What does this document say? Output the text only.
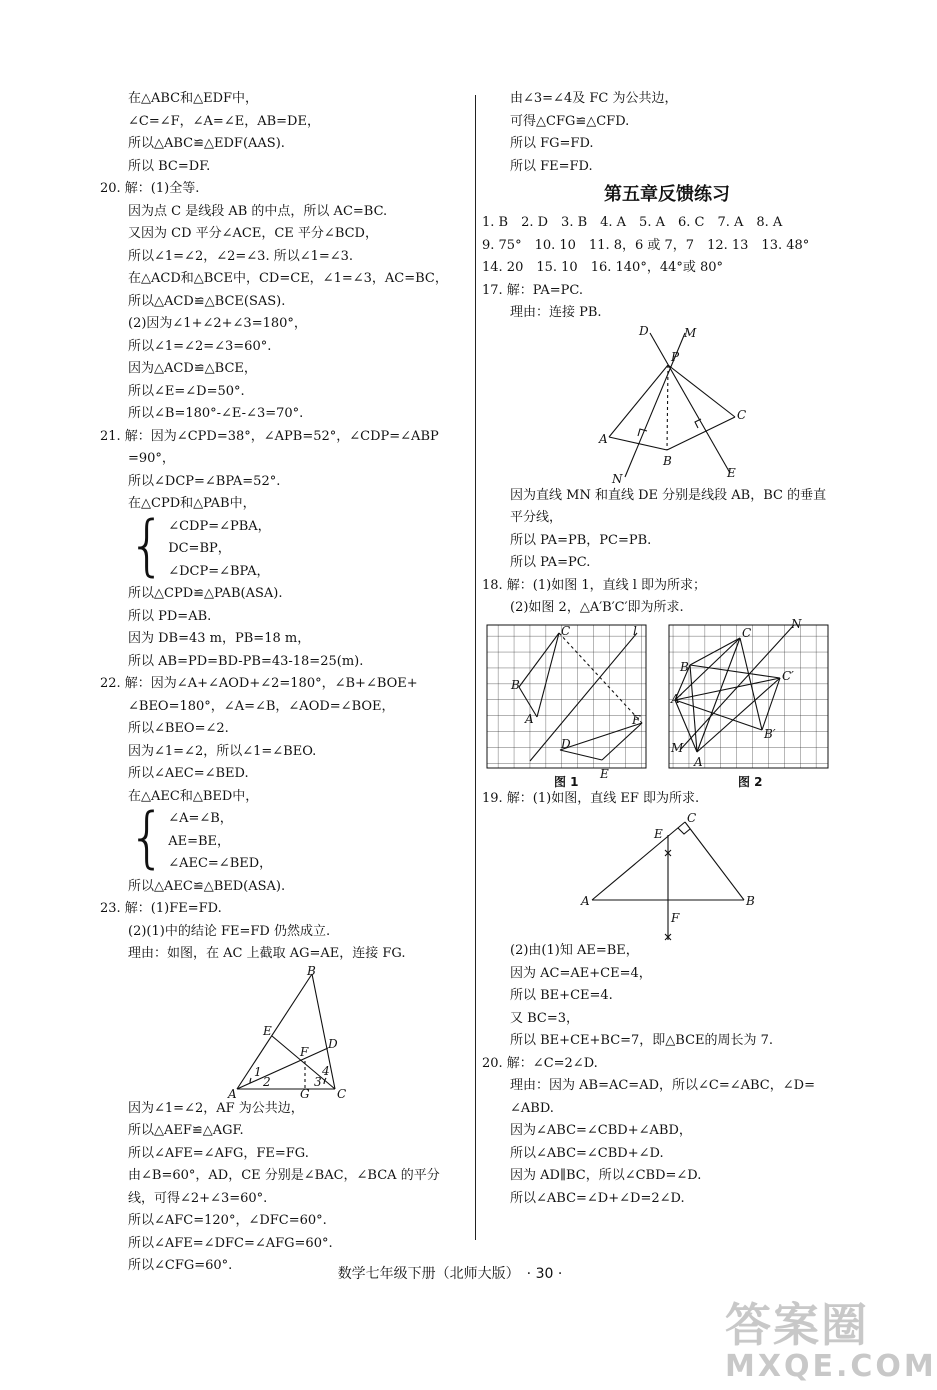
在△ABC和△EDF中，
∠C=∠F，∠A=∠E，AB=DE，
所以△ABC≌△EDF(AAS).
所以 BC=DF.
20. 解：(1)全等.
因为点 C 是线段 AB 的中点，所以 AC=BC.
又因为 CD 平分∠ACE，CE 平分∠BCD，
所以∠1=∠2，∠2=∠3. 所以∠1=∠3.
在△ACD和△BCE中，CD=CE，∠1=∠3，AC=BC，
所以△ACD≌△BCE(SAS).
(2)因为∠1+∠2+∠3=180°，
所以∠1=∠2=∠3=60°.
因为△ACD≌△BCE，
所以∠E=∠D=50°.
所以∠B=180°-∠E-∠3=70°.
21. 解：因为∠CPD=38°，∠APB=52°，∠CDP=∠ABP
=90°，
所以∠DCP=∠BPA=52°.
在△CPD和△PAB中，
{ ∠CDP=∠PBA，
DC=BP，
∠DCP=∠BPA，
所以△CPD≌△PAB(ASA).
所以 PD=AB.
因为 DB=43 m，PB=18 m，
所以 AB=PD=BD-PB=43-18=25(m).
22. 解：因为∠A+∠AOD+∠2=180°，∠B+∠BOE+
∠BEO=180°，∠A=∠B，∠AOD=∠BOE，
所以∠BEO=∠2.
因为∠1=∠2，所以∠1=∠BEO.
所以∠AEC=∠BED.
在△AEC和△BED中，
{ ∠A=∠B，
AE=BE，
∠AEC=∠BED，
所以△AEC≌△BED(ASA).
23. 解：(1)FE=FD.
(2)(1)中的结论 FE=FD 仍然成立.
理由：如图，在 AC 上截取 AG=AE，连接 FG.
B
E
D
F
A	G C
1
2	3
4
因为∠1=∠2，AF 为公共边，
所以△AEF≌△AGF.
所以∠AFE=∠AFG，FE=FG.
由∠B=60°，AD，CE 分别是∠BAC，∠BCA 的平分
线，可得∠2+∠3=60°.
所以∠AFC=120°，∠DFC=60°.
所以∠AFE=∠DFC=∠AFG=60°.
所以∠CFG=60°.
由∠3=∠4及 FC 为公共边，
可得△CFG≌△CFD.
所以 FG=FD.
所以 FE=FD.
第五章反馈练习
1. B　2. D　3. B　4. A　5. A　6. C　7. A　8. A
9. 75°　10. 10　11. 8，6 或 7，7　12. 13　13. 48°
14. 20　15. 10　16. 140°，44°或 80°
17. 解：PA=PC.
理由：连接 PB.
D	M
P
A
C
B
E
N
因为直线 MN 和直线 DE 分别是线段 AB，BC 的垂直
平分线，
所以 PA=PB，PC=PB.
所以 PA=PC.
18. 解：(1)如图 1，直线 l 即为所求；
(2)如图 2，△A′B′C′即为所求.
C	l
B
A
D
F
E
C
N
B
C′
A′
M
A
B′
图 1	图 2
19. 解：(1)如图，直线 EF 即为所求.
C
E
A	B
F
(2)由(1)知 AE=BE，
因为 AC=AE+CE=4，
所以 BE+CE=4.
又 BC=3，
所以 BE+CE+BC=7，即△BCE的周长为 7.
20. 解：∠C=2∠D.
理由：因为 AB=AC=AD，所以∠C=∠ABC，∠D=
∠ABD.
因为∠ABC=∠CBD+∠ABD，
所以∠ABC=∠CBD+∠D.
因为 AD∥BC，所以∠CBD=∠D.
所以∠ABC=∠D+∠D=2∠D.
数学七年级下册（北师大版）　· 30 ·
答案圈
MXQE.COM
